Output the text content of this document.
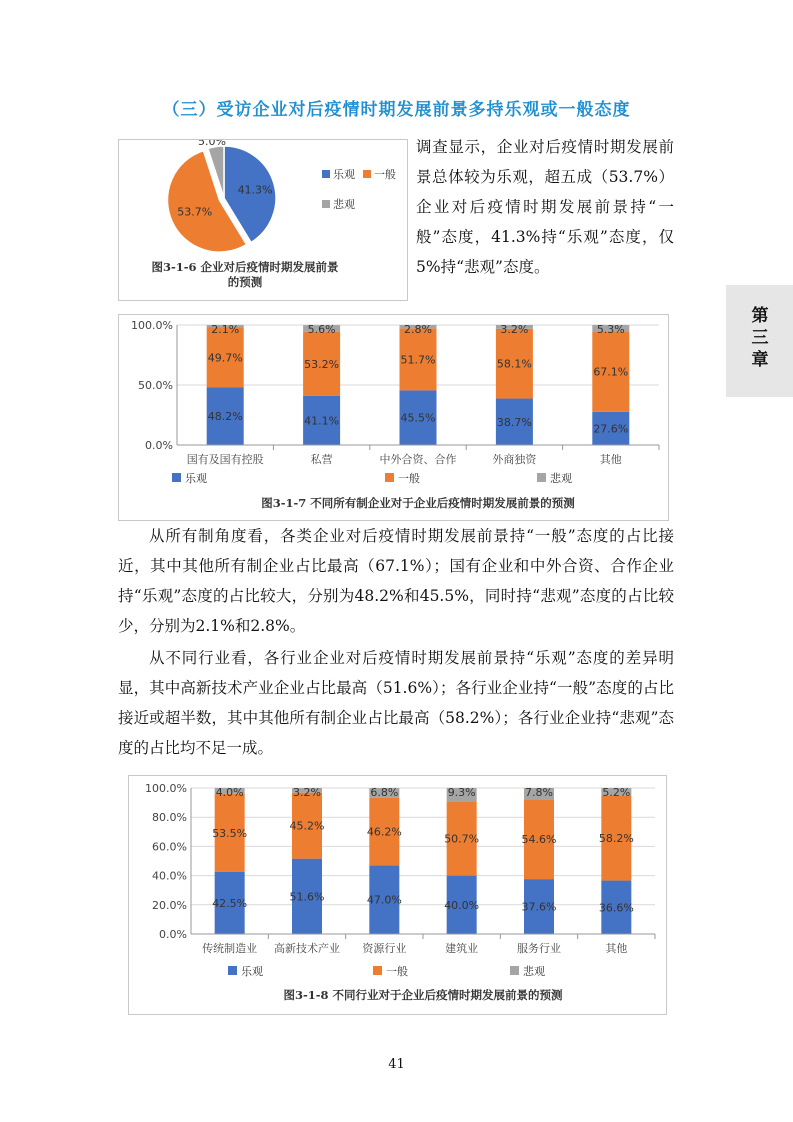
（三）受访企业对后疫情时期发展前景多持乐观或一般态度
第三章
41.3%
53.7%
5.0%
乐观 一般
悲观
图3-1-6 企业对后疫情时期发展前景
的预测
调查显示，企业对后疫情时期发展前景总体较为乐观，超五成（53.7%）企业对后疫情时期发展前景持“一般”态度，41.3%持“乐观”态度，仅5%持“悲观”态度。
0.0%
50.0%
100.0%
48.2%
49.7%
2.1%
国有及国有控股
41.1%
53.2%
5.6%
私营
45.5%
51.7%
2.8%
中外合资、合作
38.7%
58.1%
3.2%
外商独资
27.6%
67.1%
5.3%
其他
乐观	一般	悲观
图3-1-7 不同所有制企业对于企业后疫情时期发展前景的预测
从所有制角度看，各类企业对后疫情时期发展前景持“一般”态度的占比接近，其中其他所有制企业占比最高（67.1%）；国有企业和中外合资、合作企业持“乐观”态度的占比较大，分别为48.2%和45.5%，同时持“悲观”态度的占比较少，分别为2.1%和2.8%。
从不同行业看，各行业企业对后疫情时期发展前景持“乐观”态度的差异明显，其中高新技术产业企业占比最高（51.6%）；各行业企业持“一般”态度的占比接近或超半数，其中其他所有制企业占比最高（58.2%）；各行业企业持“悲观”态度的占比均不足一成。
0.0%
20.0%
40.0%
60.0%
80.0%
100.0%
42.5%
53.5%
4.0%
传统制造业
51.6%
45.2%
3.2%
高新技术产业
47.0%
46.2%
6.8%
资源行业
40.0%
50.7%
9.3%
建筑业
37.6%
54.6%
7.8%
服务行业
36.6%
58.2%
5.2%
其他
乐观	一般	悲观
图3-1-8 不同行业对于企业后疫情时期发展前景的预测
41
